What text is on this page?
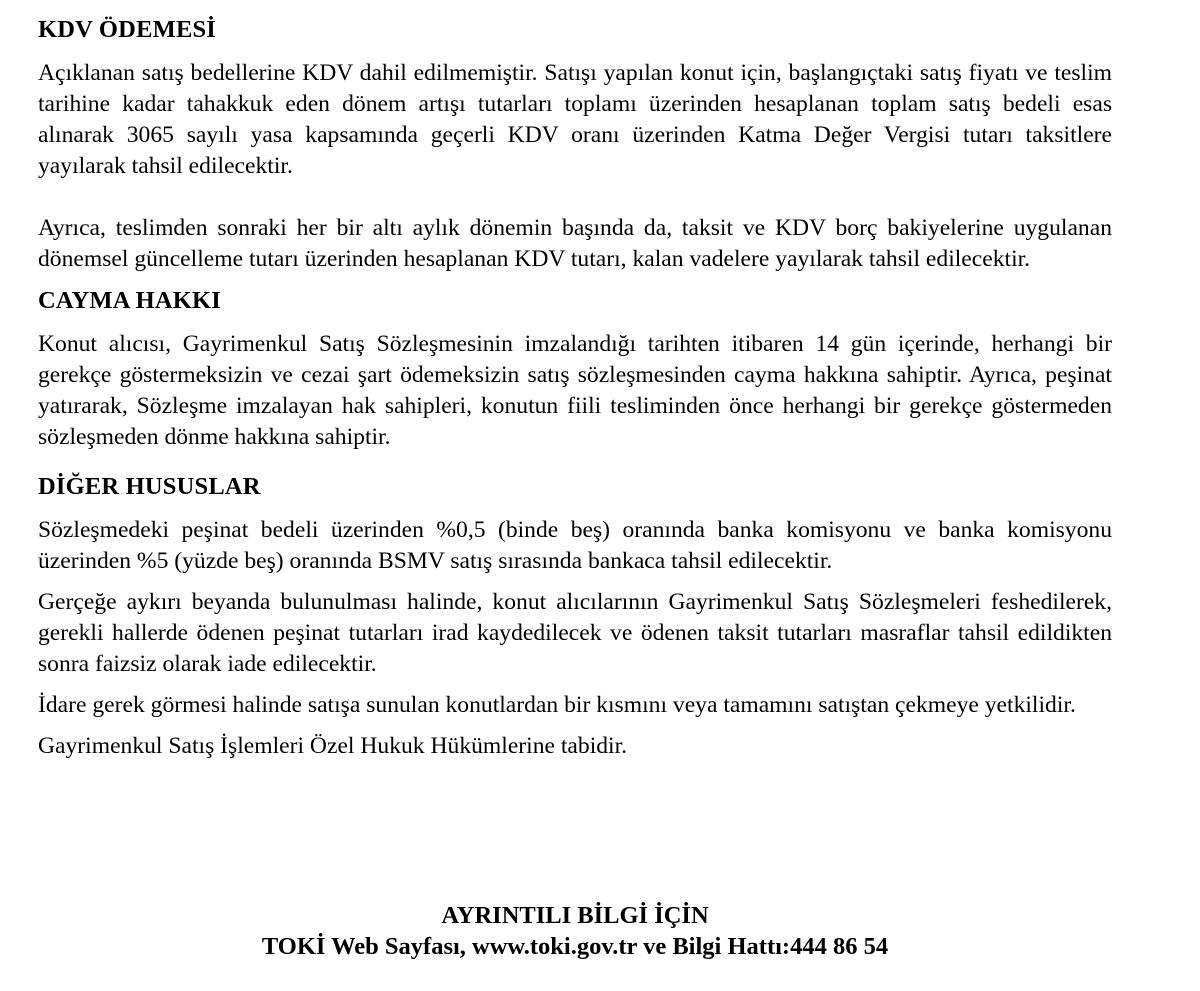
KDV ÖDEMESİ

Açıklanan satış bedellerine KDV dahil edilmemiştir. Satışı yapılan konut için, başlangıçtaki satış fiyatı ve teslim tarihine kadar tahakkuk eden dönem artışı tutarları toplamı üzerinden hesaplanan toplam satış bedeli esas alınarak 3065 sayılı yasa kapsamında geçerli KDV oranı üzerinden Katma Değer Vergisi tutarı taksitlere yayılarak tahsil edilecektir.

Ayrıca, teslimden sonraki her bir altı aylık dönemin başında da, taksit ve KDV borç bakiyelerine uygulanan dönemsel güncelleme tutarı üzerinden hesaplanan KDV tutarı, kalan vadelere yayılarak tahsil edilecektir.

CAYMA HAKKI

Konut alıcısı, Gayrimenkul Satış Sözleşmesinin imzalandığı tarihten itibaren 14 gün içerinde, herhangi bir gerekçe göstermeksizin ve cezai şart ödemeksizin satış sözleşmesinden cayma hakkına sahiptir. Ayrıca, peşinat yatırarak, Sözleşme imzalayan hak sahipleri, konutun fiili tesliminden önce herhangi bir gerekçe göstermeden sözleşmeden dönme hakkına sahiptir.

DİĞER HUSUSLAR

Sözleşmedeki peşinat bedeli üzerinden %0,5 (binde beş) oranında banka komisyonu ve banka komisyonu üzerinden %5 (yüzde beş) oranında BSMV satış sırasında bankaca tahsil edilecektir.

Gerçeğe aykırı beyanda bulunulması halinde, konut alıcılarının Gayrimenkul Satış Sözleşmeleri feshedilerek, gerekli hallerde ödenen peşinat tutarları irad kaydedilecek ve ödenen taksit tutarları masraflar tahsil edildikten sonra faizsiz olarak iade edilecektir.

İdare gerek görmesi halinde satışa sunulan konutlardan bir kısmını veya tamamını satıştan çekmeye yetkilidir.

Gayrimenkul Satış İşlemleri Özel Hukuk Hükümlerine tabidir.

AYRINTILI BİLGİ İÇİN
TOKİ Web Sayfası, www.toki.gov.tr ve Bilgi Hattı:444 86 54
